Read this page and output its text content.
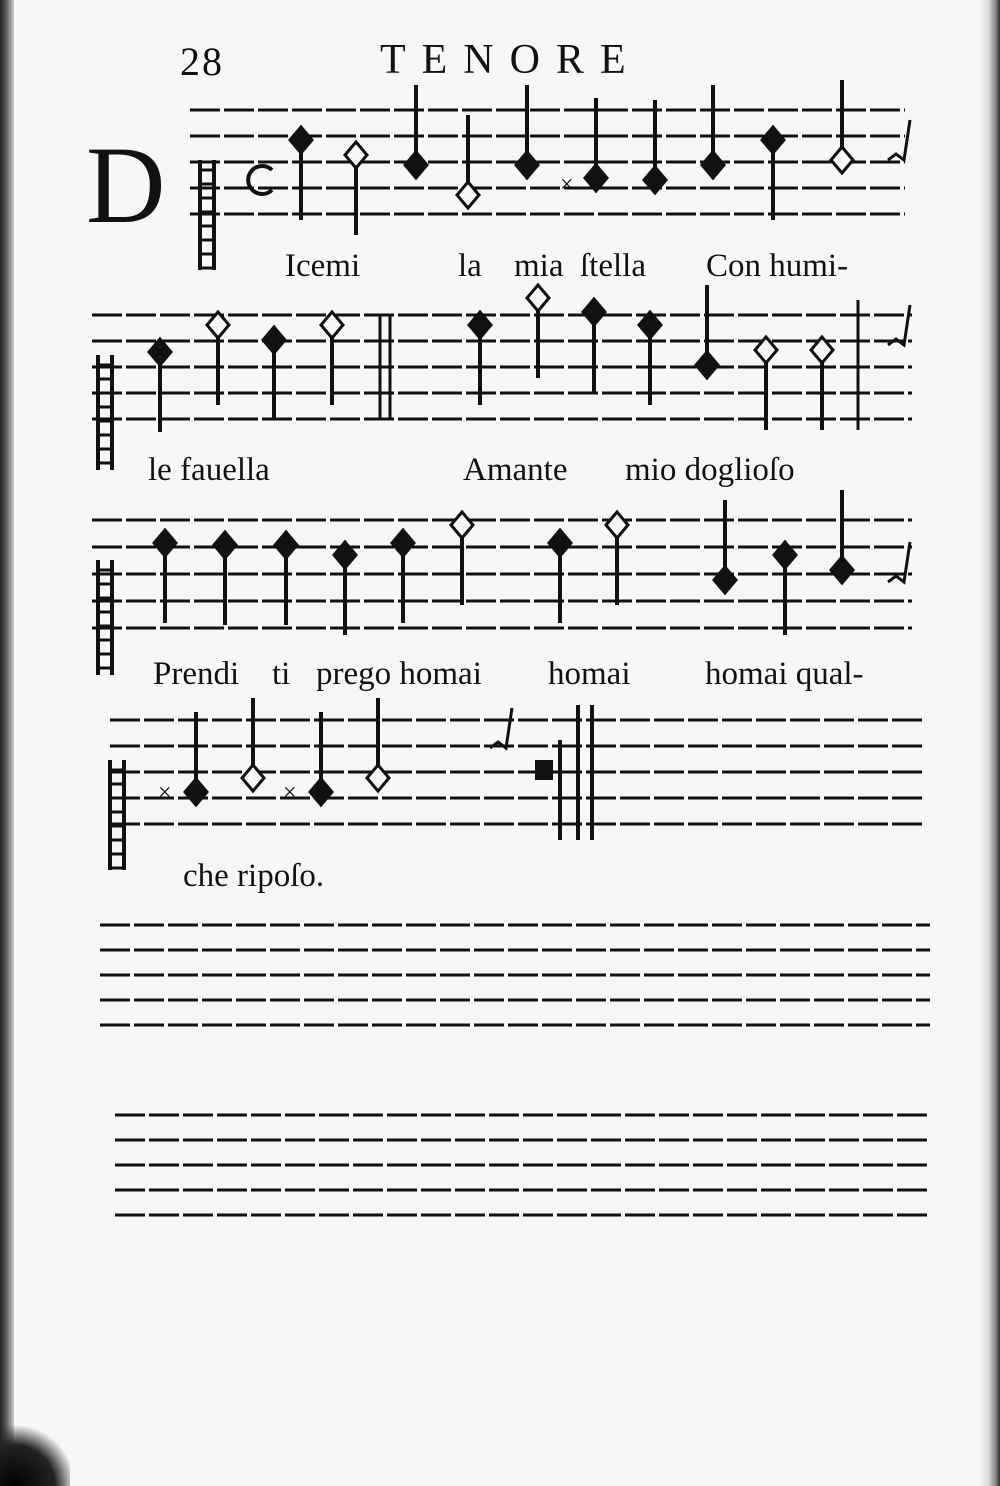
28	TENORE
D	×
×	×
Icemi	la mia ſtella Con humi-
le fauella	Amante mio doglioſo
Prendi ti prego homai homai homai qual-
che ripoſo.
